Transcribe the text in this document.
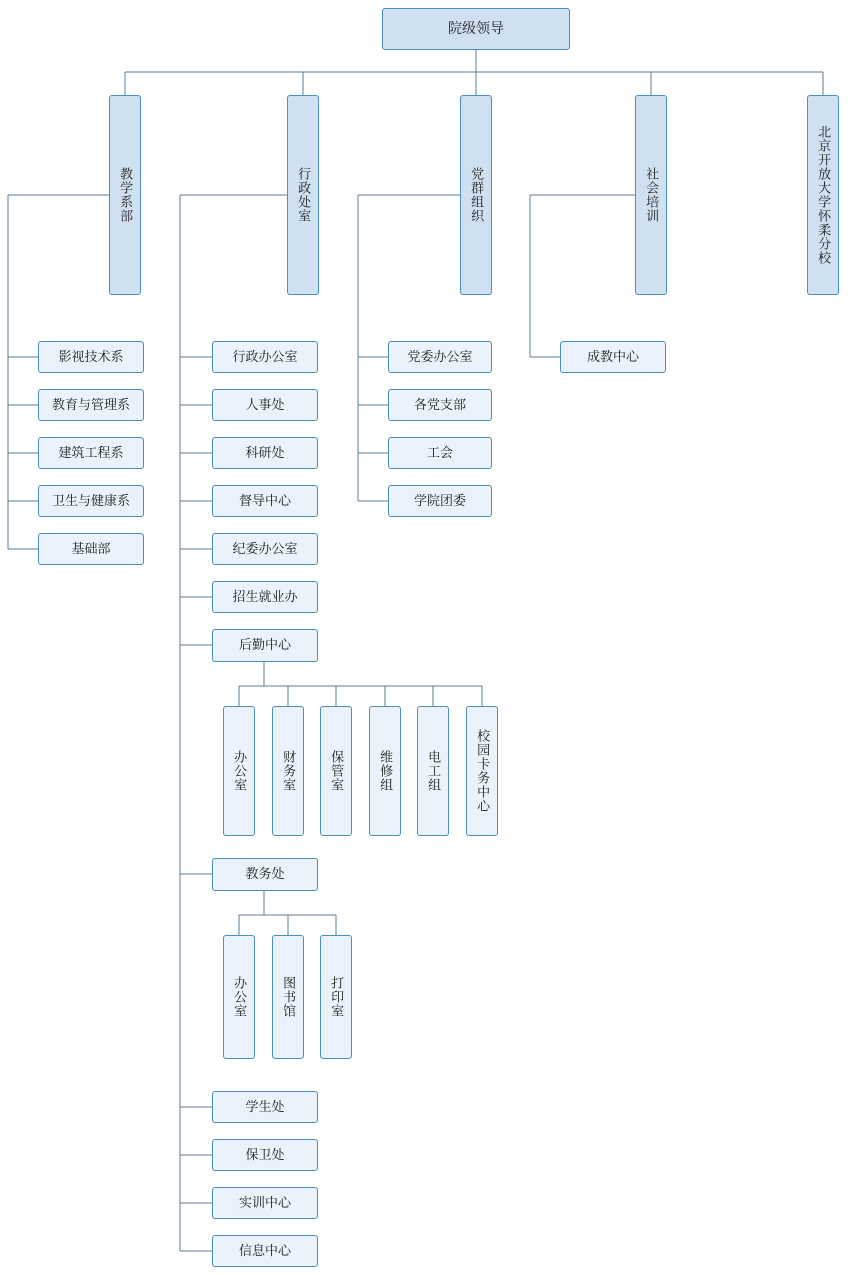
院级领导
教学系部	行政处室	党群组织	社会培训	北京开放大学怀柔分校
影视技术系
教育与管理系
建筑工程系
卫生与健康系
基础部
行政办公室
人事处
科研处
督导中心
纪委办公室
招生就业办
后勤中心
教务处
学生处
保卫处
实训中心
信息中心
办公室	财务室	保管室	维修组	电工组	校园卡务中心
办公室	图书馆	打印室
党委办公室
各党支部
工会
学院团委
成教中心
